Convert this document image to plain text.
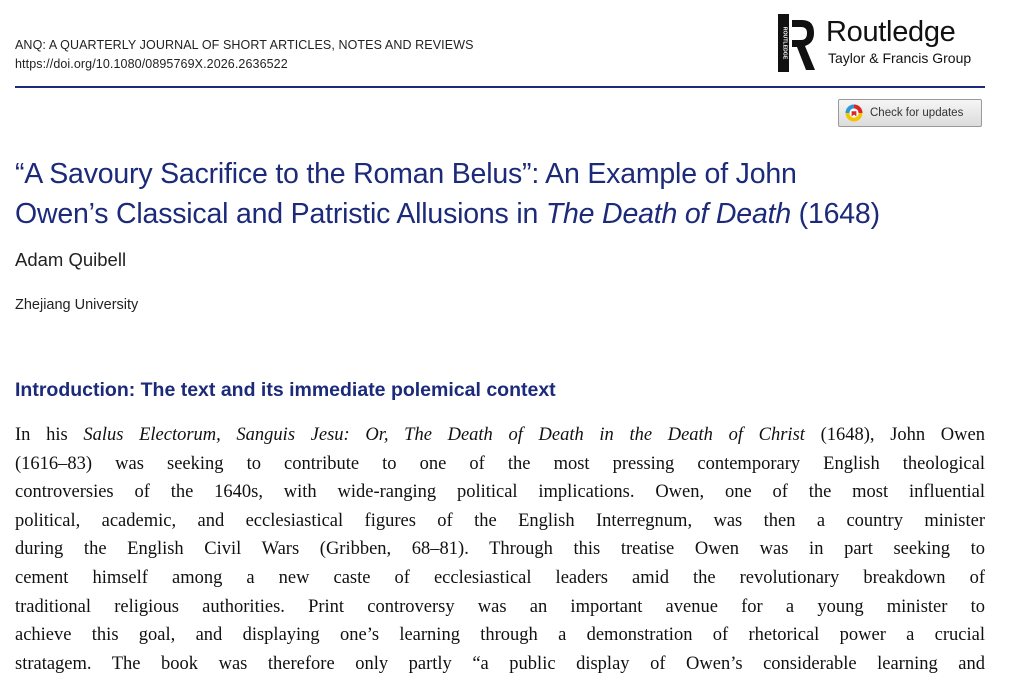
ANQ: A QUARTERLY JOURNAL OF SHORT ARTICLES, NOTES AND REVIEWS
https://doi.org/10.1080/0895769X.2026.2636522
ROUTLEDGE Routledge
Taylor & Francis Group
Check for updates
“A Savoury Sacrifice to the Roman Belus”: An Example of John
Owen’s Classical and Patristic Allusions in The Death of Death (1648)
Adam Quibell
Zhejiang University
Introduction: The text and its immediate polemical context
In his Salus Electorum, Sanguis Jesu: Or, The Death of Death in the Death of Christ (1648), John Owen
(1616–83) was seeking to contribute to one of the most pressing contemporary English theological
controversies of the 1640s, with wide-ranging political implications. Owen, one of the most influential
political, academic, and ecclesiastical figures of the English Interregnum, was then a country minister
during the English Civil Wars (Gribben, 68–81). Through this treatise Owen was in part seeking to
cement himself among a new caste of ecclesiastical leaders amid the revolutionary breakdown of
traditional religious authorities. Print controversy was an important avenue for a young minister to
achieve this goal, and displaying one’s learning through a demonstration of rhetorical power a crucial
stratagem. The book was therefore only partly “a public display of Owen’s considerable learning and
